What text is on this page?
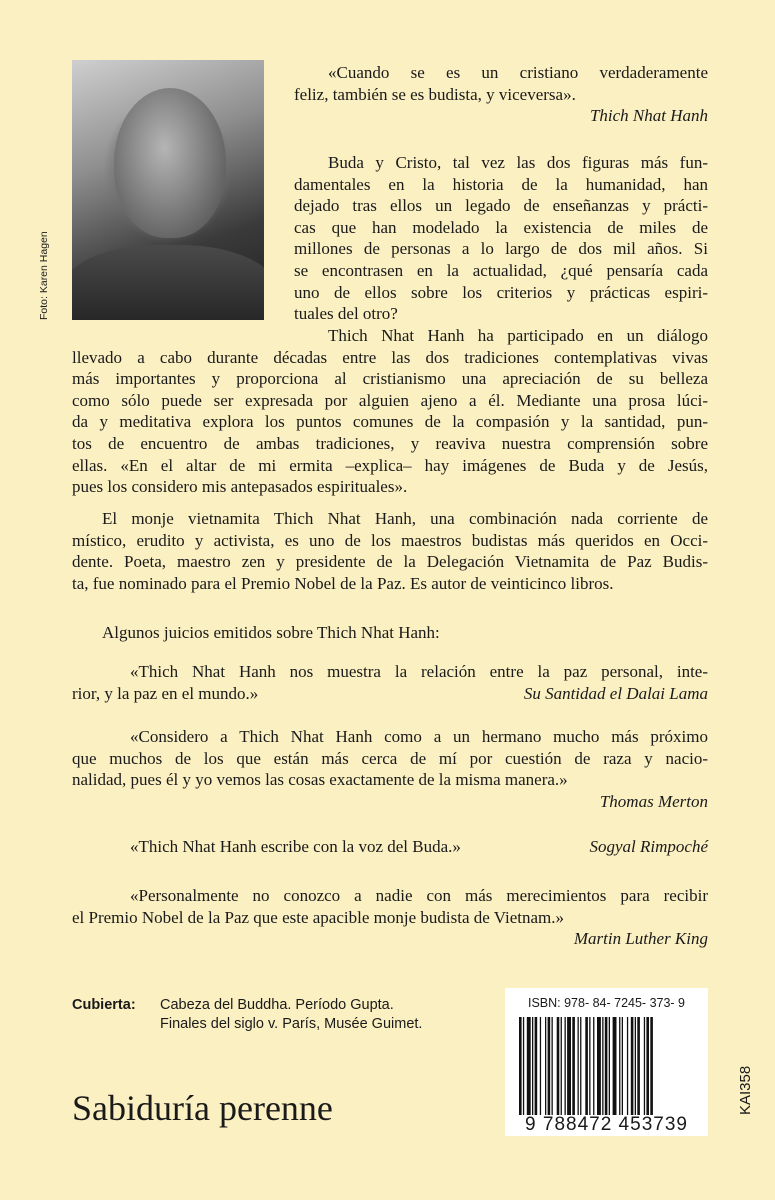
Foto: Karen Hagen
«Cuando se es un cristiano verdaderamente
feliz, también se es budista, y viceversa».
Thich Nhat Hanh
Buda y Cristo, tal vez las dos figuras más fun-
damentales en la historia de la humanidad, han
dejado tras ellos un legado de enseñanzas y prácti-
cas que han modelado la existencia de miles de
millones de personas a lo largo de dos mil años. Si
se encontrasen en la actualidad, ¿qué pensaría cada
uno de ellos sobre los criterios y prácticas espiri-
tuales del otro?
Thich Nhat Hanh ha participado en un diálogo
llevado a cabo durante décadas entre las dos tradiciones contemplativas vivas
más importantes y proporciona al cristianismo una apreciación de su belleza
como sólo puede ser expresada por alguien ajeno a él. Mediante una prosa lúci-
da y meditativa explora los puntos comunes de la compasión y la santidad, pun-
tos de encuentro de ambas tradiciones, y reaviva nuestra comprensión sobre
ellas. «En el altar de mi ermita –explica– hay imágenes de Buda y de Jesús,
pues los considero mis antepasados espirituales».
El monje vietnamita Thich Nhat Hanh, una combinación nada corriente de
místico, erudito y activista, es uno de los maestros budistas más queridos en Occi-
dente. Poeta, maestro zen y presidente de la Delegación Vietnamita de Paz Budis-
ta, fue nominado para el Premio Nobel de la Paz. Es autor de veinticinco libros.
Algunos juicios emitidos sobre Thich Nhat Hanh:
«Thich Nhat Hanh nos muestra la relación entre la paz personal, inte-
rior, y la paz en el mundo.»	Su Santidad el Dalai Lama
«Considero a Thich Nhat Hanh como a un hermano mucho más próximo
que muchos de los que están más cerca de mí por cuestión de raza y nacio-
nalidad, pues él y yo vemos las cosas exactamente de la misma manera.»
Thomas Merton
«Thich Nhat Hanh escribe con la voz del Buda.»	Sogyal Rimpoché
«Personalmente no conozco a nadie con más merecimientos para recibir
el Premio Nobel de la Paz que este apacible monje budista de Vietnam.»
Martin Luther King
Cubierta: Cabeza del Buddha. Período Gupta.
Finales del siglo v. París, Musée Guimet.
Sabiduría perenne
ISBN: 978- 84- 7245- 373- 9
9 788472 453739
KAI358
